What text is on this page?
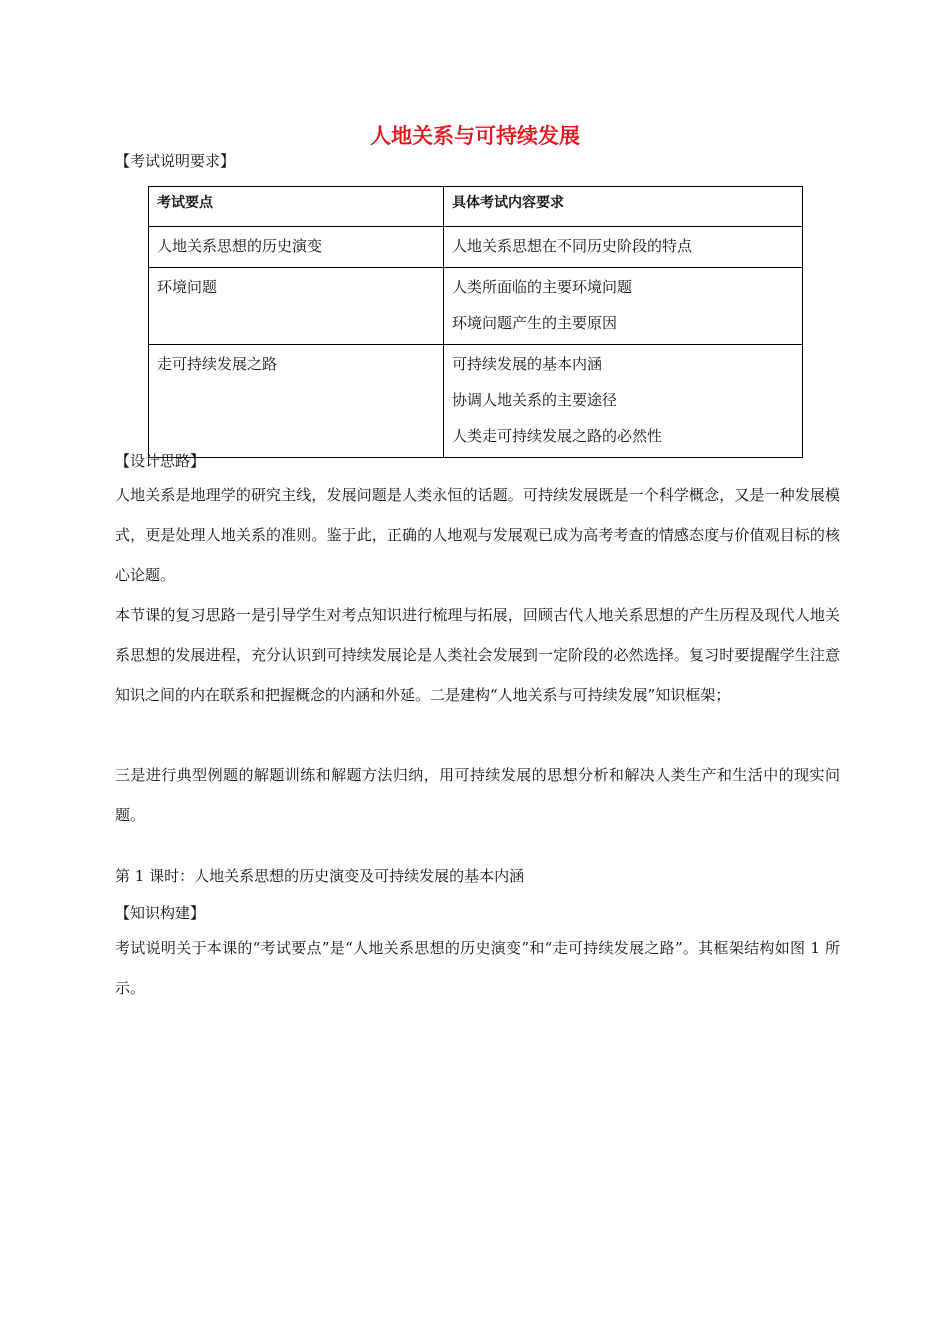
人地关系与可持续发展
【考试说明要求】
考试要点	具体考试内容要求

人地关系思想的历史演变	人地关系思想在不同历史阶段的特点

环境问题	人类所面临的主要环境问题
环境问题产生的主要原因

走可持续发展之路	可持续发展的基本内涵
协调人地关系的主要途径
人类走可持续发展之路的必然性
【设计思路】

人地关系是地理学的研究主线，发展问题是人类永恒的话题。可持续发展既是一个科学概念，又是一种发展模式，更是处理人地关系的准则。鉴于此，正确的人地观与发展观已成为高考考查的情感态度与价值观目标的核心论题。

本节课的复习思路一是引导学生对考点知识进行梳理与拓展，回顾古代人地关系思想的产生历程及现代人地关系思想的发展进程，充分认识到可持续发展论是人类社会发展到一定阶段的必然选择。复习时要提醒学生注意知识之间的内在联系和把握概念的内涵和外延。二是建构“人地关系与可持续发展”知识框架；

三是进行典型例题的解题训练和解题方法归纳，用可持续发展的思想分析和解决人类生产和生活中的现实问题。

第 1 课时：人地关系思想的历史演变及可持续发展的基本内涵
【知识构建】

考试说明关于本课的“考试要点”是“人地关系思想的历史演变”和“走可持续发展之路”。其框架结构如图 1 所示。
